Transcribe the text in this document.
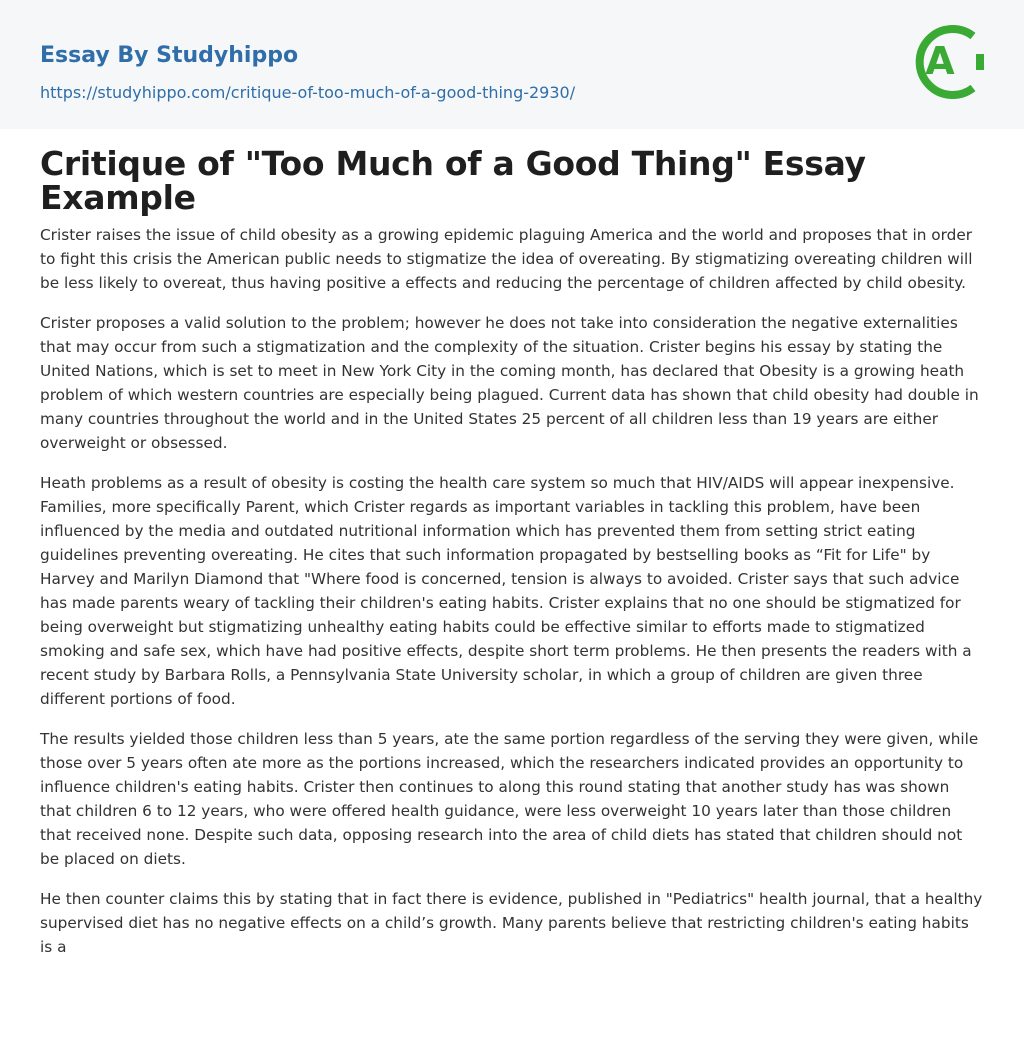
Essay By Studyhippo
https://studyhippo.com/critique-of-too-much-of-a-good-thing-2930/
A
Critique of "Too Much of a Good Thing" Essay Example

Crister raises the issue of child obesity as a growing epidemic plaguing America and the world and proposes that in order to fight this crisis the American public needs to stigmatize the idea of overeating. By stigmatizing overeating children will be less likely to overeat, thus having positive a effects and reducing the percentage of children affected by child obesity.

Crister proposes a valid solution to the problem; however he does not take into consideration the negative externalities that may occur from such a stigmatization and the complexity of the situation. Crister begins his essay by stating the United Nations, which is set to meet in New York City in the coming month, has declared that Obesity is a growing heath problem of which western countries are especially being plagued. Current data has shown that child obesity had double in many countries throughout the world and in the United States 25 percent of all children less than 19 years are either overweight or obsessed.

Heath problems as a result of obesity is costing the health care system so much that HIV/AIDS will appear inexpensive. Families, more specifically Parent, which Crister regards as important variables in tackling this problem, have been influenced by the media and outdated nutritional information which has prevented them from setting strict eating guidelines preventing overeating. He cites that such information propagated by bestselling books as “Fit for Life" by Harvey and Marilyn Diamond that "Where food is concerned, tension is always to avoided. Crister says that such advice has made parents weary of tackling their children's eating habits. Crister explains that no one should be stigmatized for being overweight but stigmatizing unhealthy eating habits could be effective similar to efforts made to stigmatized smoking and safe sex, which have had positive effects, despite short term problems. He then presents the readers with a recent study by Barbara Rolls, a Pennsylvania State University scholar, in which a group of children are given three different portions of food.

The results yielded those children less than 5 years, ate the same portion regardless of the serving they were given, while those over 5 years often ate more as the portions increased, which the researchers indicated provides an opportunity to influence children's eating habits. Crister then continues to along this round stating that another study has was shown that children 6 to 12 years, who were offered health guidance, were less overweight 10 years later than those children that received none. Despite such data, opposing research into the area of child diets has stated that children should not be placed on diets.

He then counter claims this by stating that in fact there is evidence, published in "Pediatrics" health journal, that a healthy supervised diet has no negative effects on a child’s growth. Many parents believe that restricting children's eating habits is a
